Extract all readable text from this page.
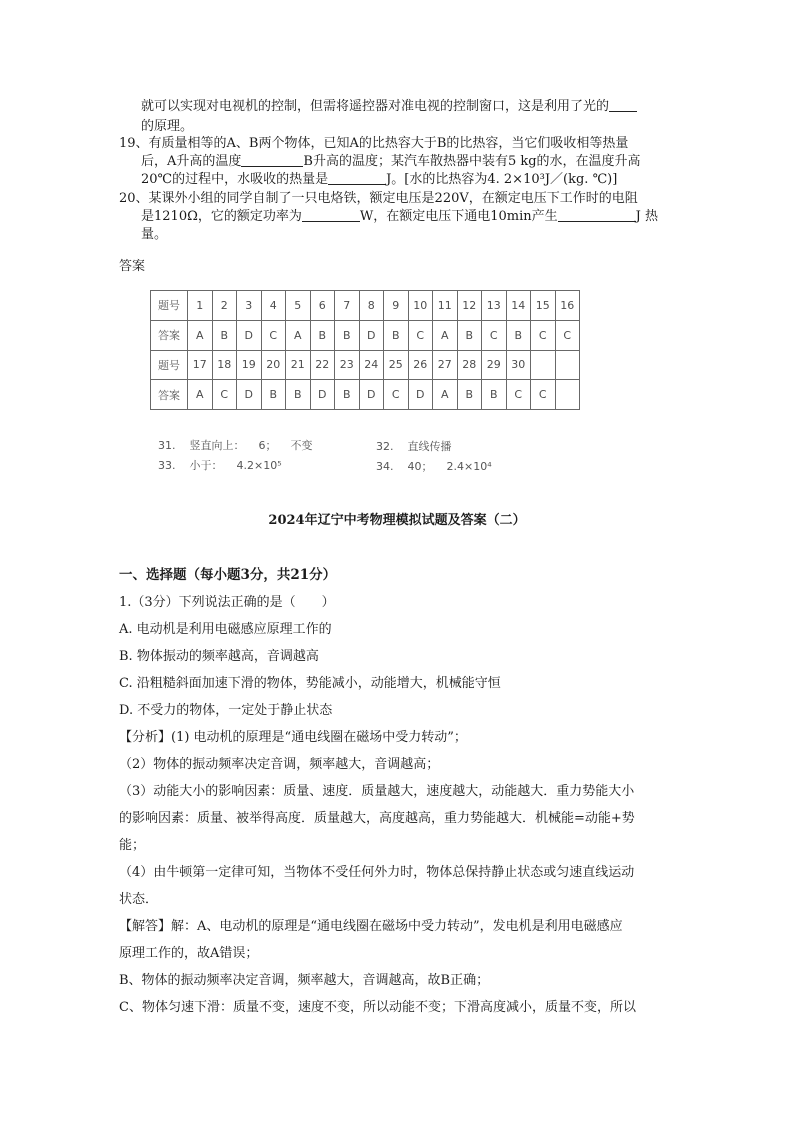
就可以实现对电视机的控制，但需将遥控器对准电视的控制窗口，这是利用了光的
的原理。
19、有质量相等的A、B两个物体，已知A的比热容大于B的比热容，当它们吸收相等热量
后，A升高的温度	B升高的温度；某汽车散热器中装有5 kg的水，在温度升高
20℃的过程中，水吸收的热量是	J。[水的比热容为4. 2×10³J／(kg. ℃)]
20、某课外小组的同学自制了一只电烙铁，额定电压是220V，在额定电压下工作时的电阻
是1210Ω，它的额定功率为	W，在额定电压下通电10min产生	J 热
量。
答案
题号	1	2	3	4	5	6	7	8	9	10	11	12	13	14	15	16
答案	A	B	D	C	A	B	B	D	B	C	A	B	C	B	C	C
题号	17	18	19	20	21	22	23	24	25	26	27	28	29	30		
答案	A	C	D	B	B	D	B	D	C	D	A	B	B	C	C	
31. 竖直向上： 6； 不变	32. 直线传播
33. 小于： 4.2×10⁵	34. 40； 2.4×10⁴
2024年辽宁中考物理模拟试题及答案（二）
一、选择题（每小题3分，共21分）
1.（3分）下列说法正确的是（　　）
A. 电动机是利用电磁感应原理工作的
B. 物体振动的频率越高，音调越高
C. 沿粗糙斜面加速下滑的物体，势能减小，动能增大，机械能守恒
D. 不受力的物体，一定处于静止状态
【分析】(1) 电动机的原理是“通电线圈在磁场中受力转动”；
（2）物体的振动频率决定音调，频率越大，音调越高；
（3）动能大小的影响因素：质量、速度．质量越大，速度越大，动能越大．重力势能大小
的影响因素：质量、被举得高度．质量越大，高度越高，重力势能越大．机械能=动能+势
能；
（4）由牛顿第一定律可知，当物体不受任何外力时，物体总保持静止状态或匀速直线运动
状态．
【解答】解：A、电动机的原理是“通电线圈在磁场中受力转动”，发电机是利用电磁感应
原理工作的，故A错误；
B、物体的振动频率决定音调，频率越大，音调越高，故B正确；
C、物体匀速下滑：质量不变，速度不变，所以动能不变；下滑高度减小，质量不变，所以
